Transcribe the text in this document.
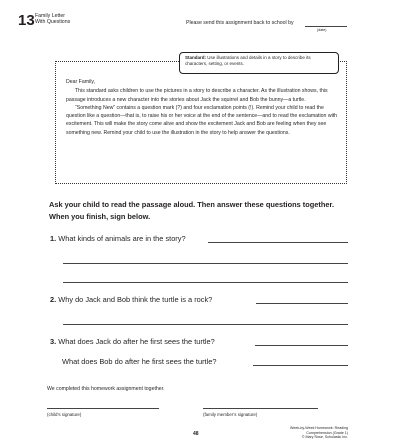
13 Family Letter
With Questions	Please send this assignment back to school by
(date)
Standard: Use illustrations and details in a story to describe its characters, setting, or events.

Dear Family,

This standard asks children to use the pictures in a story to describe a character. As the illustration shows, this passage introduces a new character into the stories about Jack the squirrel and Bob the bunny—a turtle.

“Something New” contains a question mark (?) and four exclamation points (!). Remind your child to read the question like a question—that is, to raise his or her voice at the end of the sentence—and to read the exclamation with excitement. This will make the story come alive and show the excitement Jack and Bob are feeling when they see something new. Remind your child to use the illustration in the story to help answer the questions.

Ask your child to read the passage aloud. Then answer these questions together. When you finish, sign below.
1. What kinds of animals are in the story?
2. Why do Jack and Bob think the turtle is a rock?
3. What does Jack do after he first sees the turtle?
What does Bob do after he first sees the turtle?
We completed this homework assignment together.
(child’s signature)	(family member’s signature)
48
Week-by-Week Homework: Reading Comprehension (Grade 1)
© Mary Rose, Scholastic Inc.
